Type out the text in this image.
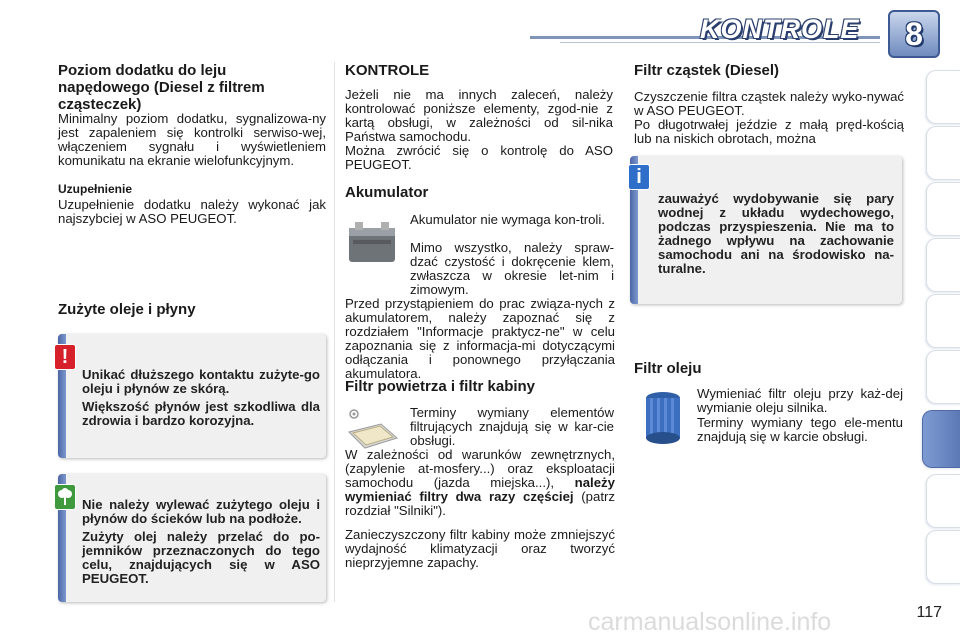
KONTROLE	8
Poziom dodatku do leju napędowego (Diesel z filtrem cząsteczek)

Minimalny poziom dodatku, sygnalizowa-ny jest zapaleniem się kontrolki serwiso-wej, włączeniem sygnału i wyświetleniem komunikatu na ekranie wielofunkcyjnym.

Uzupełnienie

Uzupełnienie dodatku należy wykonać jak najszybciej w ASO PEUGEOT.

Zużyte oleje i płyny
!
Unikać dłuższego kontaktu zużyte-go oleju i płynów ze skórą.
Większość płynów jest szkodliwa dla zdrowia i bardzo korozyjna.
Nie należy wylewać zużytego oleju i płynów do ścieków lub na podłoże.
Zużyty olej należy przelać do po-jemników przeznaczonych do tego celu, znajdujących się w ASO PEUGEOT.
KONTROLE

Jeżeli nie ma innych zaleceń, należy kontrolować poniższe elementy, zgod-nie z kartą obsługi, w zależności od sil-nika Państwa samochodu.

Można zwrócić się o kontrolę do ASO PEUGEOT.

Akumulator

Akumulator nie wymaga kon-troli.

Mimo wszystko, należy spraw-dzać czystość i dokręcenie klem, zwłaszcza w okresie let-nim i zimowym.

Przed przystąpieniem do prac związa-nych z akumulatorem, należy zapoznać się z rozdziałem "Informacje praktycz-ne" w celu zapoznania się z informacja-mi dotyczącymi odłączania i ponownego przyłączania akumulatora.

Filtr powietrza i filtr kabiny

Terminy wymiany elementów filtrujących znajdują się w kar-cie obsługi.

W zależności od warunków zewnętrznych, (zapylenie at-mosfery...) oraz eksploatacji samochodu (jazda miejska...), należy wymieniać filtry dwa razy częściej (patrz rozdział "Silniki").

Zanieczyszczony filtr kabiny może zmniejszyć wydajność klimatyzacji oraz tworzyć nieprzyjemne zapachy.

Filtr cząstek (Diesel)

Czyszczenie filtra cząstek należy wyko-nywać w ASO PEUGEOT.

Po długotrwałej jeździe z małą pręd-kością lub na niskich obrotach, można

i
zauważyć wydobywanie się pary wodnej z układu wydechowego, podczas przyspieszenia. Nie ma to żadnego wpływu na zachowanie samochodu ani na środowisko na-turalne.
Filtr oleju

Wymieniać filtr oleju przy każ-dej wymianie oleju silnika.

Terminy wymiany tego ele-mentu znajdują się w karcie obsługi.

carmanualsonline.info	117
